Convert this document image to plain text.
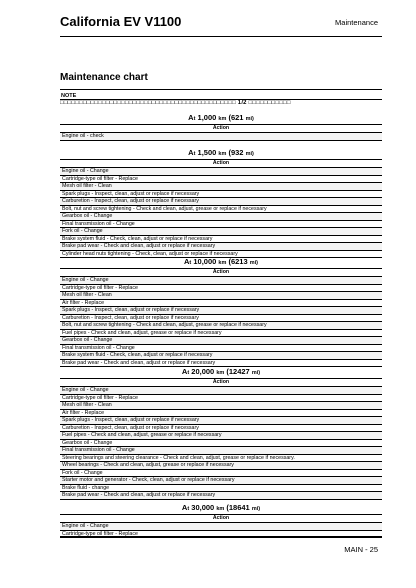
California EV V1100	Maintenance
Maintenance chart
NOTE
□□□□□□□□□□□□□□□□□□□□□□□□□□□□□□□□□□□□□□□□□□□□□□ 1/2 □□□□□□□□□□□
At 1,000 km (621 mi)
Action
Engine oil - check
At 1,500 km (932 mi)
Action
Engine oil - Change
Cartridge-type oil filter - Replace
Mesh oil filter - Clean
Spark plugs - Inspect, clean, adjust or replace if necessary
Carburetion - Inspect, clean, adjust or replace if necessary
Bolt, nut and screw tightening - Check and clean, adjust, grease or replace if necessary
Gearbox oil - Change
Final transmission oil - Change
Fork oil - Change
Brake system fluid - Check, clean, adjust or replace if necessary
Brake pad wear - Check and clean, adjust or replace if necessary
Cylinder head nuts tightening - Check, clean, adjust or replace if necessary
At 10,000 km (6213 mi)
Action
Engine oil - Change
Cartridge-type oil filter - Replace
Mesh oil filter - Clean
Air filter - Replace
Spark plugs - Inspect, clean, adjust or replace if necessary
Carburetion - Inspect, clean, adjust or replace if necessary
Bolt, nut and screw tightening - Check and clean, adjust, grease or replace if necessary
Fuel pipes - Check and clean, adjust, grease or replace if necessary
Gearbox oil - Change
Final transmission oil - Change
Brake system fluid - Check, clean, adjust or replace if necessary
Brake pad wear - Check and clean, adjust or replace if necessary
At 20,000 km (12427 mi)
Action
Engine oil - Change
Cartridge-type oil filter - Replace
Mesh oil filter - Clean
Air filter - Replace
Spark plugs - Inspect, clean, adjust or replace if necessary
Carburetion - Inspect, clean, adjust or replace if necessary
Fuel pipes - Check and clean, adjust, grease or replace if necessary
Gearbox oil - Change
Final transmission oil - Change
Steering bearings and steering clearance - Check and clean, adjust, grease or replace if necessary.
Wheel bearings - Check and clean, adjust, grease or replace if necessary
Fork oil - Change
Starter motor and generator - Check, clean, adjust or replace if necessary
Brake fluid - change
Brake pad wear - Check and clean, adjust or replace if necessary
At 30,000 km (18641 mi)
Action
Engine oil - Change
Cartridge-type oil filter - Replace
MAIN - 25
